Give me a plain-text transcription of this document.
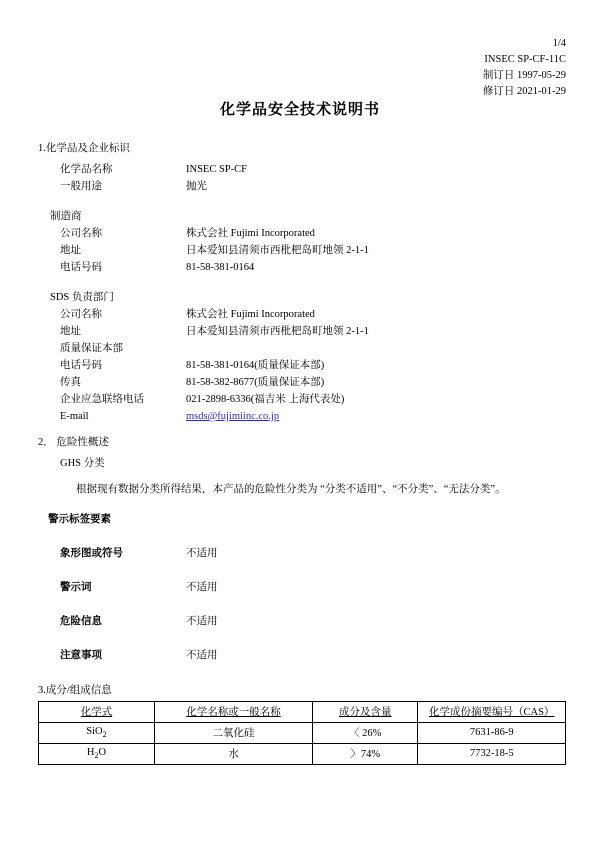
1/4
INSEC SP-CF-11C
制订日 1997-05-29
修订日 2021-01-29
化学品安全技术说明书
1.化学品及企业标识
化学品名称	INSEC SP-CF
一般用途	抛光
制造商
公司名称	株式会社 Fujimi Incorporated
地址	日本爱知县清须市西枇杷岛町地领 2-1-1
电话号码	81-58-381-0164
SDS 负责部门
公司名称	株式会社 Fujimi Incorporated
地址	日本爱知县清须市西枇杷岛町地领 2-1-1
质量保证本部
电话号码	81-58-381-0164(质量保证本部)
传真	81-58-382-8677(质量保证本部)
企业应急联络电话	021-2898-6336(福吉米 上海代表处)
E-mail	msds@fujimiinc.co.jp
2． 危险性概述
GHS 分类
根据现有数据分类所得结果，本产品的危险性分类为 “分类不适用”、“不分类”、“无法分类”。
警示标签要素
象形图或符号	不适用
警示词	不适用
危险信息	不适用
注意事项	不适用
3.成分/组成信息
化学式	化学名称或一般名称	成分及含量	化学成份摘要编号（CAS）
SiO$_2$	二氧化硅	〈 26%	7631-86-9
$H_2O$	水	〉74%	7732-18-5
